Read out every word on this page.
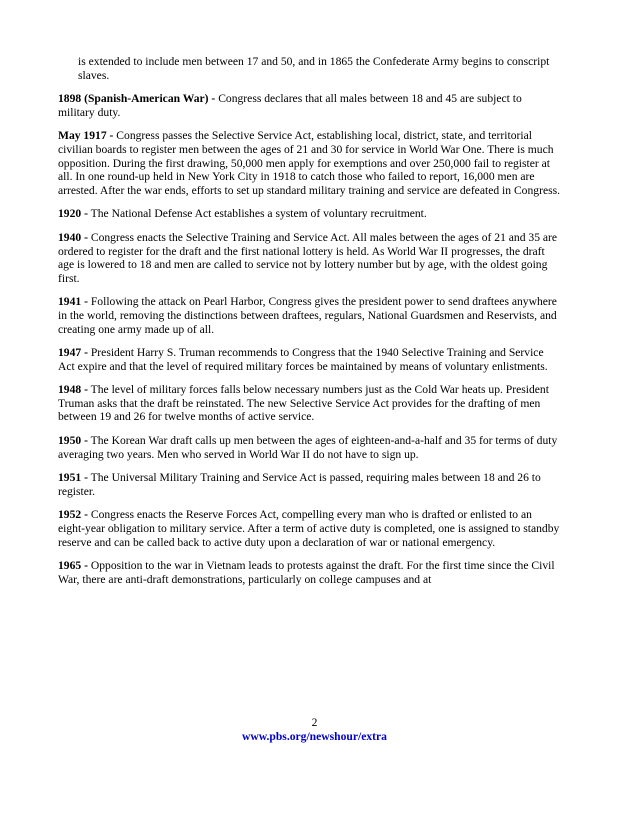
is extended to include men between 17 and 50, and in 1865 the Confederate Army begins to conscript slaves.

1898 (Spanish-American War) - Congress declares that all males between 18 and 45 are subject to military duty.

May 1917 - Congress passes the Selective Service Act, establishing local, district, state, and territorial civilian boards to register men between the ages of 21 and 30 for service in World War One. There is much opposition. During the first drawing, 50,000 men apply for exemptions and over 250,000 fail to register at all. In one round-up held in New York City in 1918 to catch those who failed to report, 16,000 men are arrested. After the war ends, efforts to set up standard military training and service are defeated in Congress.

1920 - The National Defense Act establishes a system of voluntary recruitment.

1940 - Congress enacts the Selective Training and Service Act. All males between the ages of 21 and 35 are ordered to register for the draft and the first national lottery is held. As World War II progresses, the draft age is lowered to 18 and men are called to service not by lottery number but by age, with the oldest going first.

1941 - Following the attack on Pearl Harbor, Congress gives the president power to send draftees anywhere in the world, removing the distinctions between draftees, regulars, National Guardsmen and Reservists, and creating one army made up of all.

1947 - President Harry S. Truman recommends to Congress that the 1940 Selective Training and Service Act expire and that the level of required military forces be maintained by means of voluntary enlistments.

1948 - The level of military forces falls below necessary numbers just as the Cold War heats up. President Truman asks that the draft be reinstated. The new Selective Service Act provides for the drafting of men between 19 and 26 for twelve months of active service.

1950 - The Korean War draft calls up men between the ages of eighteen-and-a-half and 35 for terms of duty averaging two years. Men who served in World War II do not have to sign up.

1951 - The Universal Military Training and Service Act is passed, requiring males between 18 and 26 to register.

1952 - Congress enacts the Reserve Forces Act, compelling every man who is drafted or enlisted to an eight-year obligation to military service. After a term of active duty is completed, one is assigned to standby reserve and can be called back to active duty upon a declaration of war or national emergency.

1965 - Opposition to the war in Vietnam leads to protests against the draft. For the first time since the Civil War, there are anti-draft demonstrations, particularly on college campuses and at

2
www.pbs.org/newshour/extra
